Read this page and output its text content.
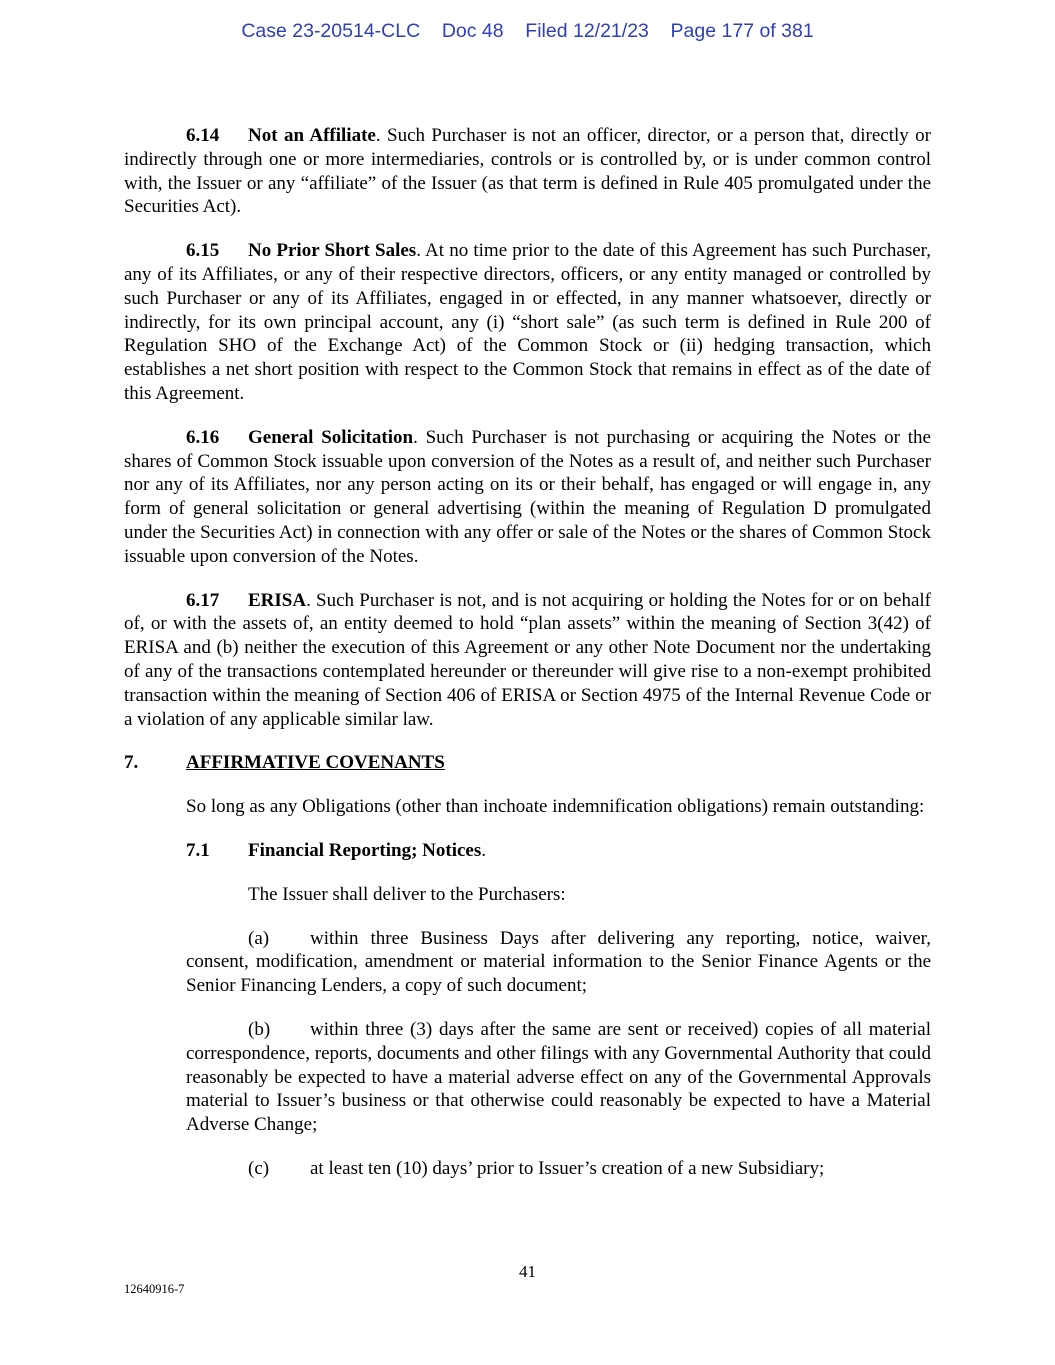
Case 23-20514-CLC    Doc 48    Filed 12/21/23    Page 177 of 381

6.14 Not an Affiliate. Such Purchaser is not an officer, director, or a person that, directly or indirectly through one or more intermediaries, controls or is controlled by, or is under common control with, the Issuer or any “affiliate” of the Issuer (as that term is defined in Rule 405 promulgated under the Securities Act).

6.15 No Prior Short Sales. At no time prior to the date of this Agreement has such Purchaser, any of its Affiliates, or any of their respective directors, officers, or any entity managed or controlled by such Purchaser or any of its Affiliates, engaged in or effected, in any manner whatsoever, directly or indirectly, for its own principal account, any (i) “short sale” (as such term is defined in Rule 200 of Regulation SHO of the Exchange Act) of the Common Stock or (ii) hedging transaction, which establishes a net short position with respect to the Common Stock that remains in effect as of the date of this Agreement.

6.16 General Solicitation. Such Purchaser is not purchasing or acquiring the Notes or the shares of Common Stock issuable upon conversion of the Notes as a result of, and neither such Purchaser nor any of its Affiliates, nor any person acting on its or their behalf, has engaged or will engage in, any form of general solicitation or general advertising (within the meaning of Regulation D promulgated under the Securities Act) in connection with any offer or sale of the Notes or the shares of Common Stock issuable upon conversion of the Notes.

6.17 ERISA. Such Purchaser is not, and is not acquiring or holding the Notes for or on behalf of, or with the assets of, an entity deemed to hold “plan assets” within the meaning of Section 3(42) of ERISA and (b) neither the execution of this Agreement or any other Note Document nor the undertaking of any of the transactions contemplated hereunder or thereunder will give rise to a non-exempt prohibited transaction within the meaning of Section 406 of ERISA or Section 4975 of the Internal Revenue Code or a violation of any applicable similar law.

7.	AFFIRMATIVE COVENANTS

So long as any Obligations (other than inchoate indemnification obligations) remain outstanding:

7.1 Financial Reporting; Notices.

The Issuer shall deliver to the Purchasers:

(a) within three Business Days after delivering any reporting, notice, waiver, consent, modification, amendment or material information to the Senior Finance Agents or the Senior Financing Lenders, a copy of such document;

(b) within three (3) days after the same are sent or received) copies of all material correspondence, reports, documents and other filings with any Governmental Authority that could reasonably be expected to have a material adverse effect on any of the Governmental Approvals material to Issuer’s business or that otherwise could reasonably be expected to have a Material Adverse Change;

(c) at least ten (10) days’ prior to Issuer’s creation of a new Subsidiary;

41
12640916-7
